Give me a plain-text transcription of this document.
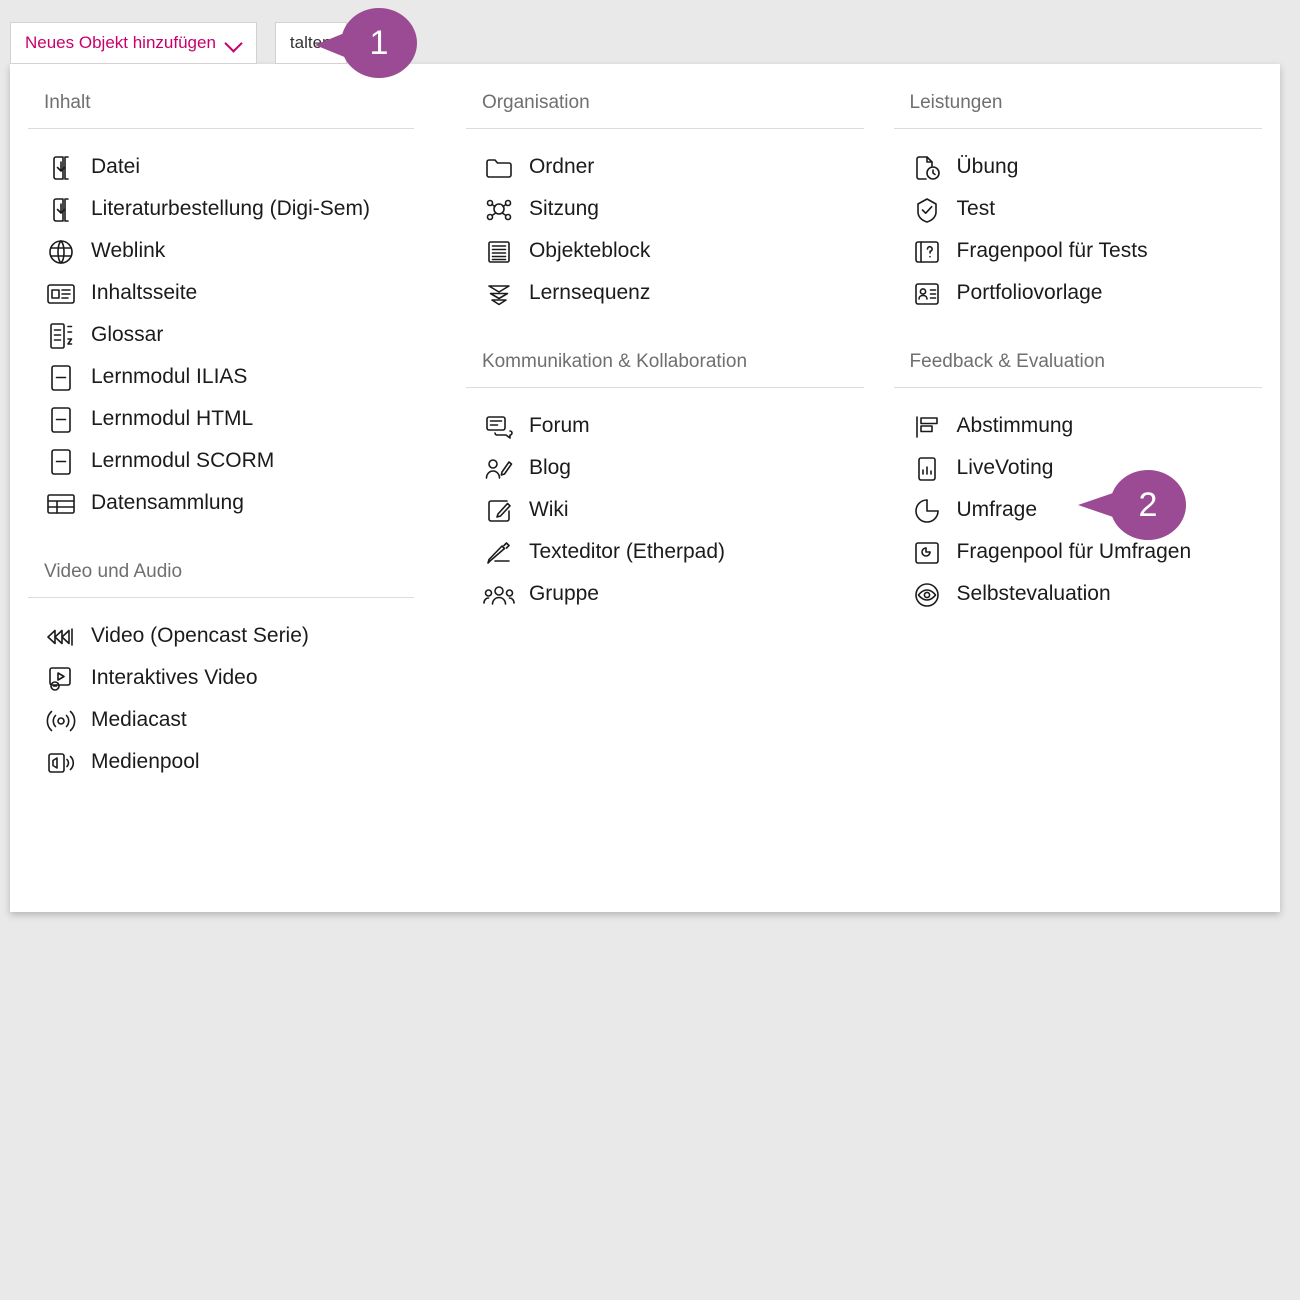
Neues Objekt hinzufügen	talten
Inhalt
Datei
Literaturbestellung (Digi-Sem)
Weblink
Inhaltsseite
Glossar
Lernmodul ILIAS
Lernmodul HTML
Lernmodul SCORM
Datensammlung
Video und Audio
Video (Opencast Serie)
Interaktives Video
Mediacast
Medienpool
Organisation
Ordner
Sitzung
Objekteblock
Lernsequenz
Kommunikation & Kollaboration
Forum
Blog
Wiki
Texteditor (Etherpad)
Gruppe
Leistungen
Übung
Test
Fragenpool für Tests
Portfoliovorlage
Feedback & Evaluation
Abstimmung
LiveVoting
Umfrage
Fragenpool für Umfragen
Selbstevaluation
1
2
